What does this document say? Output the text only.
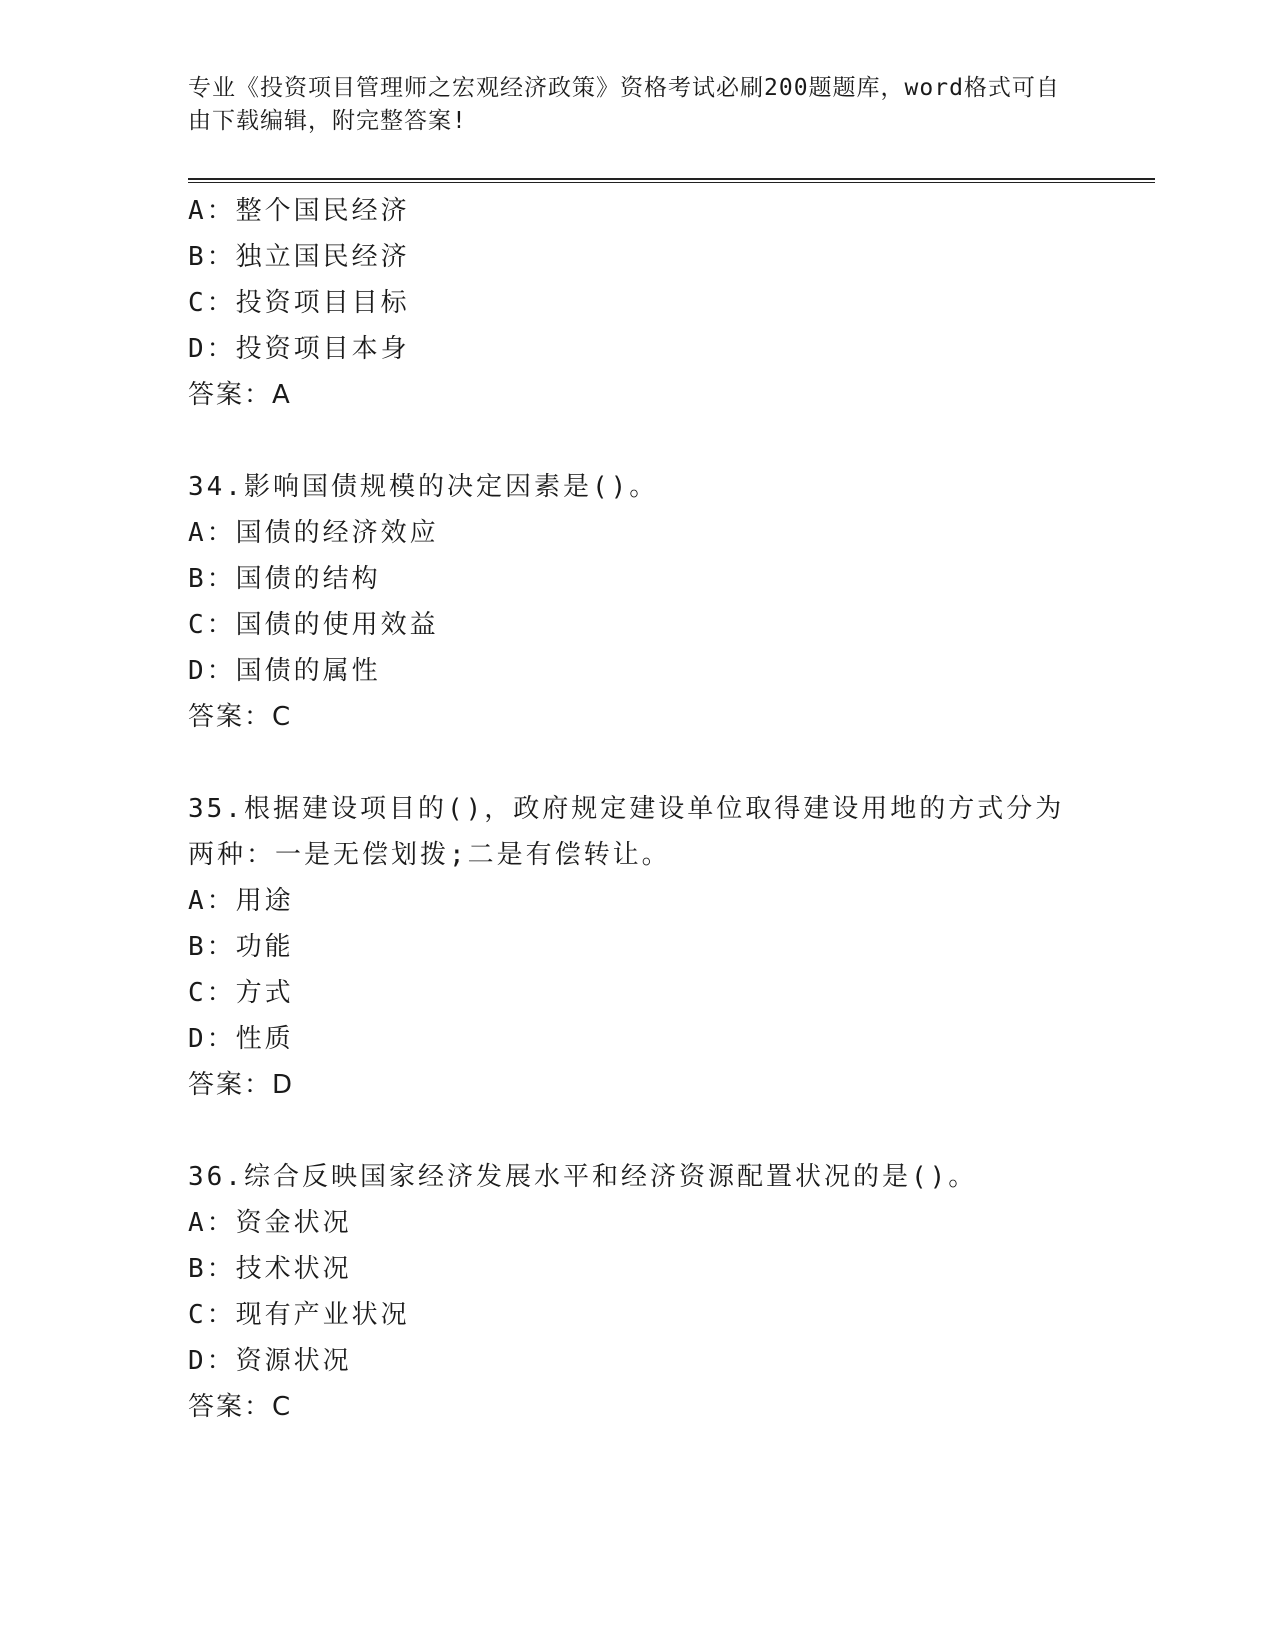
专业《投资项目管理师之宏观经济政策》资格考试必刷200题题库，word格式可自由下载编辑，附完整答案!
A：整个国民经济
B：独立国民经济
C：投资项目目标
D：投资项目本身
答案：A
34.影响国债规模的决定因素是()。
A：国债的经济效应
B：国债的结构
C：国债的使用效益
D：国债的属性
答案：C
35.根据建设项目的()，政府规定建设单位取得建设用地的方式分为两种：一是无偿划拨;二是有偿转让。
A：用途
B：功能
C：方式
D：性质
答案：D
36.综合反映国家经济发展水平和经济资源配置状况的是()。
A：资金状况
B：技术状况
C：现有产业状况
D：资源状况
答案：C
